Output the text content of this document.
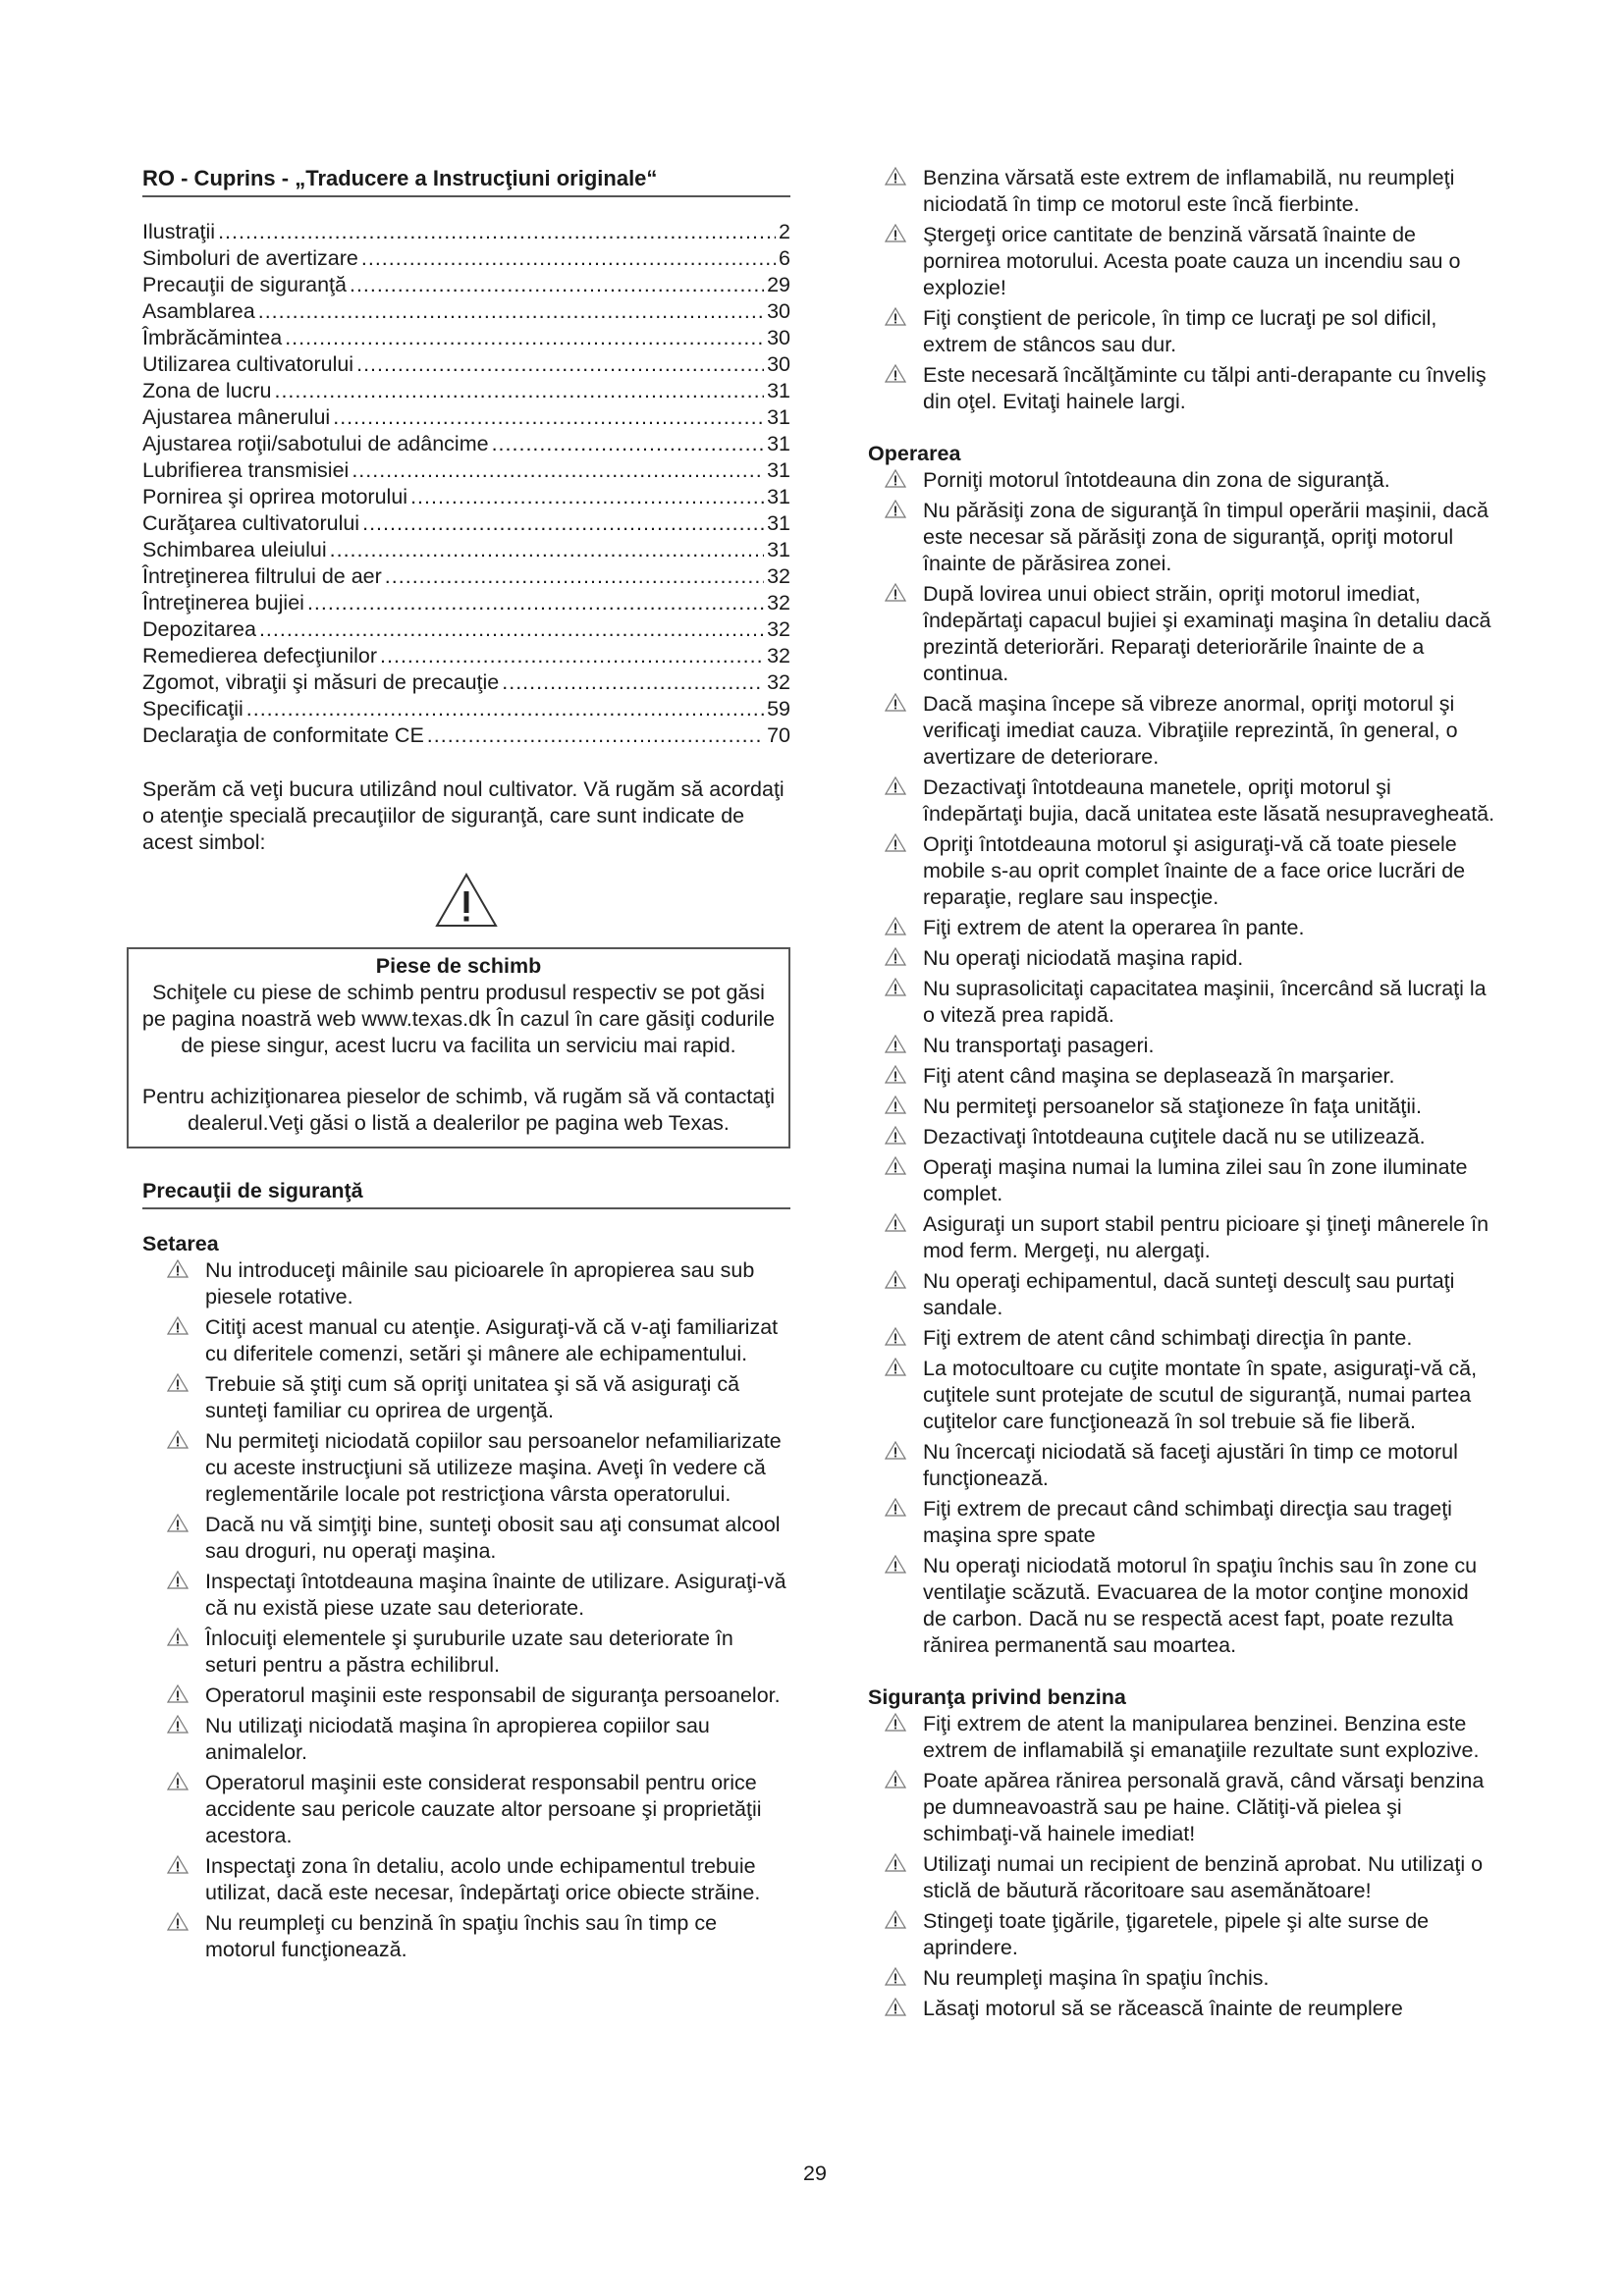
RO - Cuprins - „Traducere a Instrucţiuni originale“
Ilustraţii .....	2
Simboluri de avertizare .....	6
Precauţii de siguranţă .....	29
Asamblarea .....	30
Îmbrăcămintea .....	30
Utilizarea cultivatorului .....	30
Zona de lucru .....	31
Ajustarea mânerului .....	31
Ajustarea roţii/sabotului de adâncime .....	31
Lubrifierea transmisiei .....	31
Pornirea şi oprirea motorului .....	31
Curăţarea cultivatorului .....	31
Schimbarea uleiului .....	31
Întreţinerea filtrului de aer .....	32
Întreţinerea bujiei .....	32
Depozitarea .....	32
Remedierea defecţiunilor .....	32
Zgomot, vibraţii şi măsuri de precauţie .....	32
Specificaţii .....	59
Declaraţia de conformitate CE .....	70
Sperăm că veţi bucura utilizând noul cultivator. Vă rugăm să acordaţi o atenţie specială precauţiilor de siguranţă, care sunt indicate de acest simbol:
Piese de schimb
Schiţele cu piese de schimb pentru produsul respectiv se pot găsi pe pagina noastră web www.texas.dk În cazul în care găsiţi codurile de piese singur, acest lucru va facilita un serviciu mai rapid.
Pentru achiziţionarea pieselor de schimb, vă rugăm să vă contactaţi dealerul.Veţi găsi o listă a dealerilor pe pagina web Texas.
Precauţii de siguranţă
Setarea
Nu introduceţi mâinile sau picioarele în apropierea sau sub piesele rotative.
Citiţi acest manual cu atenţie. Asiguraţi-vă că v-aţi familiarizat cu diferitele comenzi, setări şi mânere ale echipamentului.
Trebuie să ştiţi cum să opriţi unitatea şi să vă asiguraţi că sunteţi familiar cu oprirea de urgenţă.
Nu permiteţi niciodată copiilor sau persoanelor nefamiliarizate cu aceste instrucţiuni să utilizeze maşina. Aveţi în vedere că reglementările locale pot restricţiona vârsta operatorului.
Dacă nu vă simţiţi bine, sunteţi obosit sau aţi consumat alcool sau droguri, nu operaţi maşina.
Inspectaţi întotdeauna maşina înainte de utilizare. Asiguraţi-vă că nu există piese uzate sau deteriorate.
Înlocuiţi elementele şi şuruburile uzate sau deteriorate în seturi pentru a păstra echilibrul.
Operatorul maşinii este responsabil de siguranţa persoanelor.
Nu utilizaţi niciodată maşina în apropierea copiilor sau animalelor.
Operatorul maşinii este considerat responsabil pentru orice accidente sau pericole cauzate altor persoane şi proprietăţii acestora.
Inspectaţi zona în detaliu, acolo unde echipamentul trebuie utilizat, dacă este necesar, îndepărtaţi orice obiecte străine.
Nu reumpleţi cu benzină în spaţiu închis sau în timp ce motorul funcţionează.
Benzina vărsată este extrem de inflamabilă, nu reumpleţi niciodată în timp ce motorul este încă fierbinte.
Ştergeţi orice cantitate de benzină vărsată înainte de pornirea motorului. Acesta poate cauza un incendiu sau o explozie!
Fiţi conştient de pericole, în timp ce lucraţi pe sol dificil, extrem de stâncos sau dur.
Este necesară încălţăminte cu tălpi anti-derapante cu înveliş din oţel. Evitaţi hainele largi.
Operarea
Porniţi motorul întotdeauna din zona de siguranţă.
Nu părăsiţi zona de siguranţă în timpul operării maşinii, dacă este necesar să părăsiţi zona de siguranţă, opriţi motorul înainte de părăsirea zonei.
După lovirea unui obiect străin, opriţi motorul imediat, îndepărtaţi capacul bujiei şi examinaţi maşina în detaliu dacă prezintă deteriorări. Reparaţi deteriorările înainte de a continua.
Dacă maşina începe să vibreze anormal, opriţi motorul şi verificaţi imediat cauza. Vibraţiile reprezintă, în general, o avertizare de deteriorare.
Dezactivaţi întotdeauna manetele, opriţi motorul şi îndepărtaţi bujia, dacă unitatea este lăsată nesupravegheată.
Opriţi întotdeauna motorul şi asiguraţi-vă că toate piesele mobile s-au oprit complet înainte de a face orice lucrări de reparaţie, reglare sau inspecţie.
Fiţi extrem de atent la operarea în pante.
Nu operaţi niciodată maşina rapid.
Nu suprasolicitaţi capacitatea maşinii, încercând să lucraţi la o viteză prea rapidă.
Nu transportaţi pasageri.
Fiţi atent când maşina se deplasează în marşarier.
Nu permiteţi persoanelor să staţioneze în faţa unităţii.
Dezactivaţi întotdeauna cuţitele dacă nu se utilizează.
Operaţi maşina numai la lumina zilei sau în zone iluminate complet.
Asiguraţi un suport stabil pentru picioare şi ţineţi mânerele în mod ferm. Mergeţi, nu alergaţi.
Nu operaţi echipamentul, dacă sunteţi desculţ sau purtaţi sandale.
Fiţi extrem de atent când schimbaţi direcţia în pante.
La motocultoare cu cuţite montate în spate, asiguraţi-vă că, cuţitele sunt protejate de scutul de siguranţă, numai partea cuţitelor care funcţionează în sol trebuie să fie liberă.
Nu încercaţi niciodată să faceţi ajustări în timp ce motorul funcţionează.
Fiţi extrem de precaut când schimbaţi direcţia sau trageţi maşina spre spate
Nu operaţi niciodată motorul în spaţiu închis sau în zone cu ventilaţie scăzută. Evacuarea de la motor conţine monoxid de carbon. Dacă nu se respectă acest fapt, poate rezulta rănirea permanentă sau moartea.
Siguranţa privind benzina
Fiţi extrem de atent la manipularea benzinei. Benzina este extrem de inflamabilă şi emanaţiile rezultate sunt explozive.
Poate apărea rănirea personală gravă, când vărsaţi benzina pe dumneavoastră sau pe haine. Clătiţi-vă pielea şi schimbaţi-vă hainele imediat!
Utilizaţi numai un recipient de benzină aprobat. Nu utilizaţi o sticlă de băutură răcoritoare sau asemănătoare!
Stingeţi toate ţigările, ţigaretele, pipele şi alte surse de aprindere.
Nu reumpleţi maşina în spaţiu închis.
Lăsaţi motorul să se răcească înainte de reumplere
29
